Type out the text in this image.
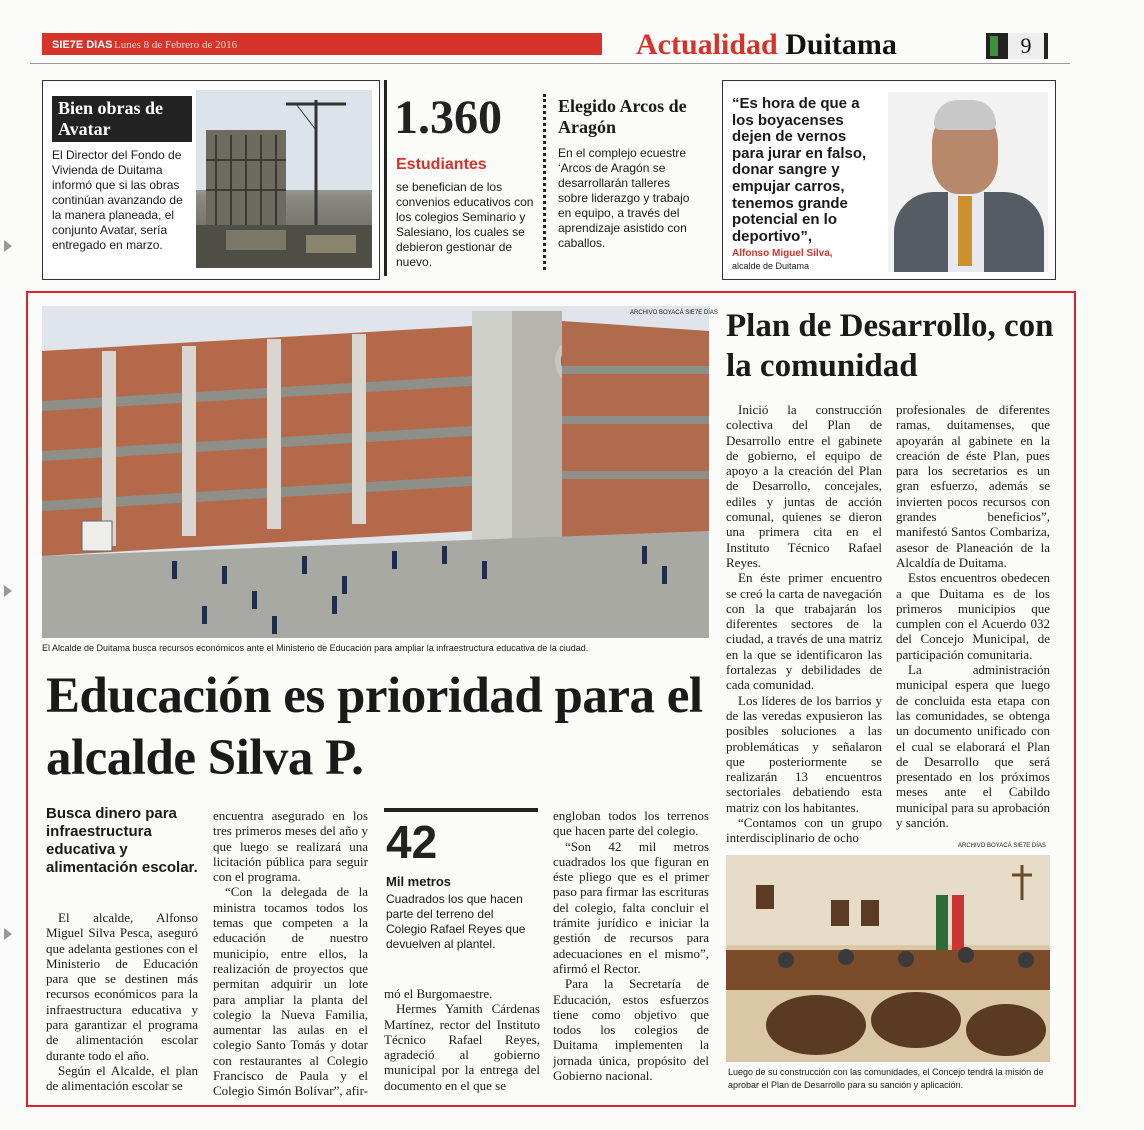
SIE7E DIAS Lunes 8 de Febrero de 2016	Actualidad Duitama	9
Bien obras de Avatar
El Director del Fondo de Vivienda de Duitama informó que si las obras continúan avanzando de la manera planeada, el conjunto Avatar, sería entregado en marzo.
1.360
Estudiantes
se benefician de los convenios educativos con los colegios Seminario y Salesiano, los cuales se debieron gestionar de nuevo.
Elegido Arcos de Aragón
En el complejo ecuestre ‘Arcos de Aragón se desarrollarán talleres sobre liderazgo y trabajo en equipo, a través del aprendizaje asistido con caballos.
“Es hora de que a los boyacenses dejen de vernos para jurar en falso, donar sangre y empujar carros, tenemos grande potencial en lo deportivo”,
Alfonso Miguel Silva,
alcalde de Duitama
ARCHIVO BOYACÁ SIE7E DÍAS
El Alcalde de Duitama busca recursos económicos ante el Ministerio de Educación para ampliar la infraestructura educativa de la ciudad.
Educación es prioridad para el alcalde Silva P.
Busca dinero para infraestructura educativa y alimentación escolar.

El alcalde, Alfonso Miguel Silva Pesca, aseguró que adelanta gestiones con el Ministerio de Educación para que se destinen más recursos económicos para la infraestructura educativa y para garantizar el programa de alimentación escolar durante todo el año.

Según el Alcalde, el plan de alimentación escolar se

encuentra asegurado en los tres primeros meses del año y que luego se realizará una licitación pública para seguir con el programa.

“Con la delegada de la ministra tocamos todos los temas que competen a la educación de nuestro municipio, entre ellos, la realización de proyectos que permitan adquirir un lote para ampliar la planta del colegio la Nueva Familia, aumentar las aulas en el colegio Santo Tomás y dotar con restaurantes al Colegio Francisco de Paula y el Colegio Simón Bolívar”, afir-

42
Mil metros
Cuadrados los que hacen parte del terreno del Colegio Rafael Reyes que devuelven al plantel.

mó el Burgomaestre.

Hermes Yamith Cárdenas Martínez, rector del Instituto Técnico Rafael Reyes, agradeció al gobierno municipal por la entrega del documento en el que se

engloban todos los terrenos que hacen parte del colegio.

“Son 42 mil metros cuadrados los que figuran en éste pliego que es el primer paso para firmar las escrituras del colegio, falta concluir el trámite jurídico e iniciar la gestión de recursos para adecuaciones en el mismo”, afirmó el Rector.

Para la Secretaría de Educación, estos esfuerzos tiene como objetivo que todos los colegios de Duitama implementen la jornada única, propósito del Gobierno nacional.

Plan de Desarrollo, con la comunidad

Inició la construcción colectiva del Plan de Desarrollo entre el gabinete de gobierno, el equipo de apoyo a la creación del Plan de Desarrollo, concejales, ediles y juntas de acción comunal, quienes se dieron una primera cita en el Instituto Técnico Rafael Reyes.

En éste primer encuentro se creó la carta de navegación con la que trabajarán los diferentes sectores de la ciudad, a través de una matriz en la que se identificaron las fortalezas y debilidades de cada comunidad.

Los líderes de los barrios y de las veredas expusieron las posibles soluciones a las problemáticas y señalaron que posteriormente se realizarán 13 encuentros sectoriales debatiendo esta matriz con los habitantes.

“Contamos con un grupo interdisciplinario de ocho

profesionales de diferentes ramas, duitamenses, que apoyarán al gabinete en la creación de éste Plan, pues para los secretarios es un gran esfuerzo, además se invierten pocos recursos con grandes beneficios”, manifestó Santos Combariza, asesor de Planeación de la Alcaldía de Duitama.

Estos encuentros obedecen a que Duitama es de los primeros municipios que cumplen con el Acuerdo 032 del Concejo Municipal, de participación comunitaria.

La administración municipal espera que luego de concluida esta etapa con las comunidades, se obtenga un documento unificado con el cual se elaborará el Plan de Desarrollo que será presentado en los próximos meses ante el Cabildo municipal para su aprobación y sanción.

ARCHIVO BOYACÁ SIE7E DÍAS
Luego de su construcción con las comunidades, el Concejo tendrá la misión de aprobar el Plan de Desarrollo para su sanción y aplicación.
